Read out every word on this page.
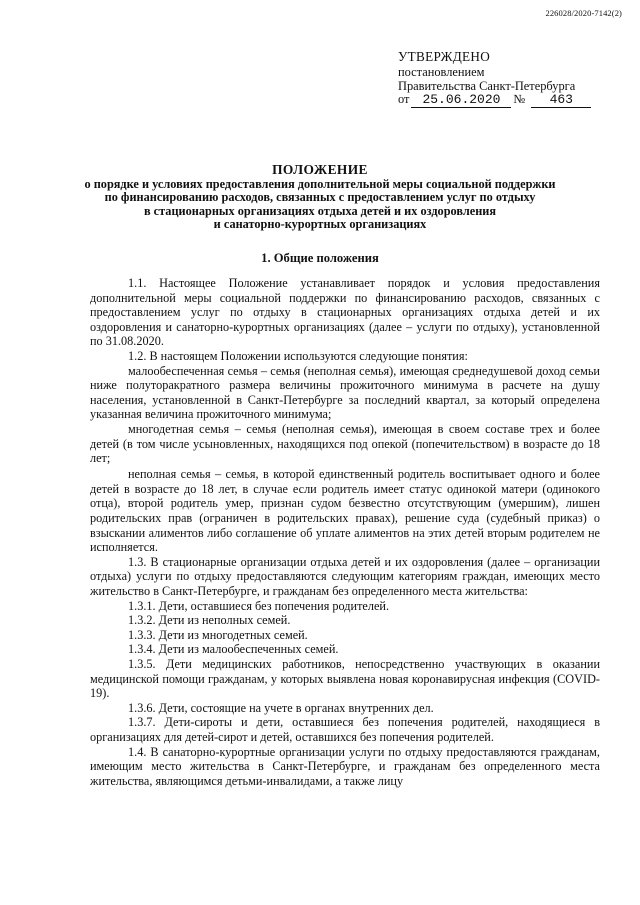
226028/2020-7142(2)
УТВЕРЖДЕНО
постановлением
Правительства Санкт-Петербурга
от 25.06.2020	№	463
ПОЛОЖЕНИЕ
о порядке и условиях предоставления дополнительной меры социальной поддержки
по финансированию расходов, связанных с предоставлением услуг по отдыху
в стационарных организациях отдыха детей и их оздоровления
и санаторно-курортных организациях
1. Общие положения

1.1. Настоящее Положение устанавливает порядок и условия предоставления дополнительной меры социальной поддержки по финансированию расходов, связанных с предоставлением услуг по отдыху в стационарных организациях отдыха детей и их оздоровления и санаторно-курортных организациях (далее – услуги по отдыху), установленной по 31.08.2020.

1.2. В настоящем Положении используются следующие понятия:

малообеспеченная семья – семья (неполная семья), имеющая среднедушевой доход семьи ниже полуторакратного размера величины прожиточного минимума в расчете на душу населения, установленной в Санкт-Петербурге за последний квартал, за который определена указанная величина прожиточного минимума;

многодетная семья – семья (неполная семья), имеющая в своем составе трех и более детей (в том числе усыновленных, находящихся под опекой (попечительством) в возрасте до 18 лет;

неполная семья – семья, в которой единственный родитель воспитывает одного и более детей в возрасте до 18 лет, в случае если родитель имеет статус одинокой матери (одинокого отца), второй родитель умер, признан судом безвестно отсутствующим (умершим), лишен родительских прав (ограничен в родительских правах), решение суда (судебный приказ) о взыскании алиментов либо соглашение об уплате алиментов на этих детей вторым родителем не исполняется.

1.3. В стационарные организации отдыха детей и их оздоровления (далее – организации отдыха) услуги по отдыху предоставляются следующим категориям граждан, имеющих место жительство в Санкт-Петербурге, и гражданам без определенного места жительства:

1.3.1. Дети, оставшиеся без попечения родителей.

1.3.2. Дети из неполных семей.

1.3.3. Дети из многодетных семей.

1.3.4. Дети из малообеспеченных семей.

1.3.5. Дети медицинских работников, непосредственно участвующих в оказании медицинской помощи гражданам, у которых выявлена новая коронавирусная инфекция (COVID-19).

1.3.6. Дети, состоящие на учете в органах внутренних дел.

1.3.7. Дети-сироты и дети, оставшиеся без попечения родителей, находящиеся в организациях для детей-сирот и детей, оставшихся без попечения родителей.

1.4. В санаторно-курортные организации услуги по отдыху предоставляются гражданам, имеющим место жительства в Санкт-Петербурге, и гражданам без определенного места жительства, являющимся детьми-инвалидами, а также лицу
